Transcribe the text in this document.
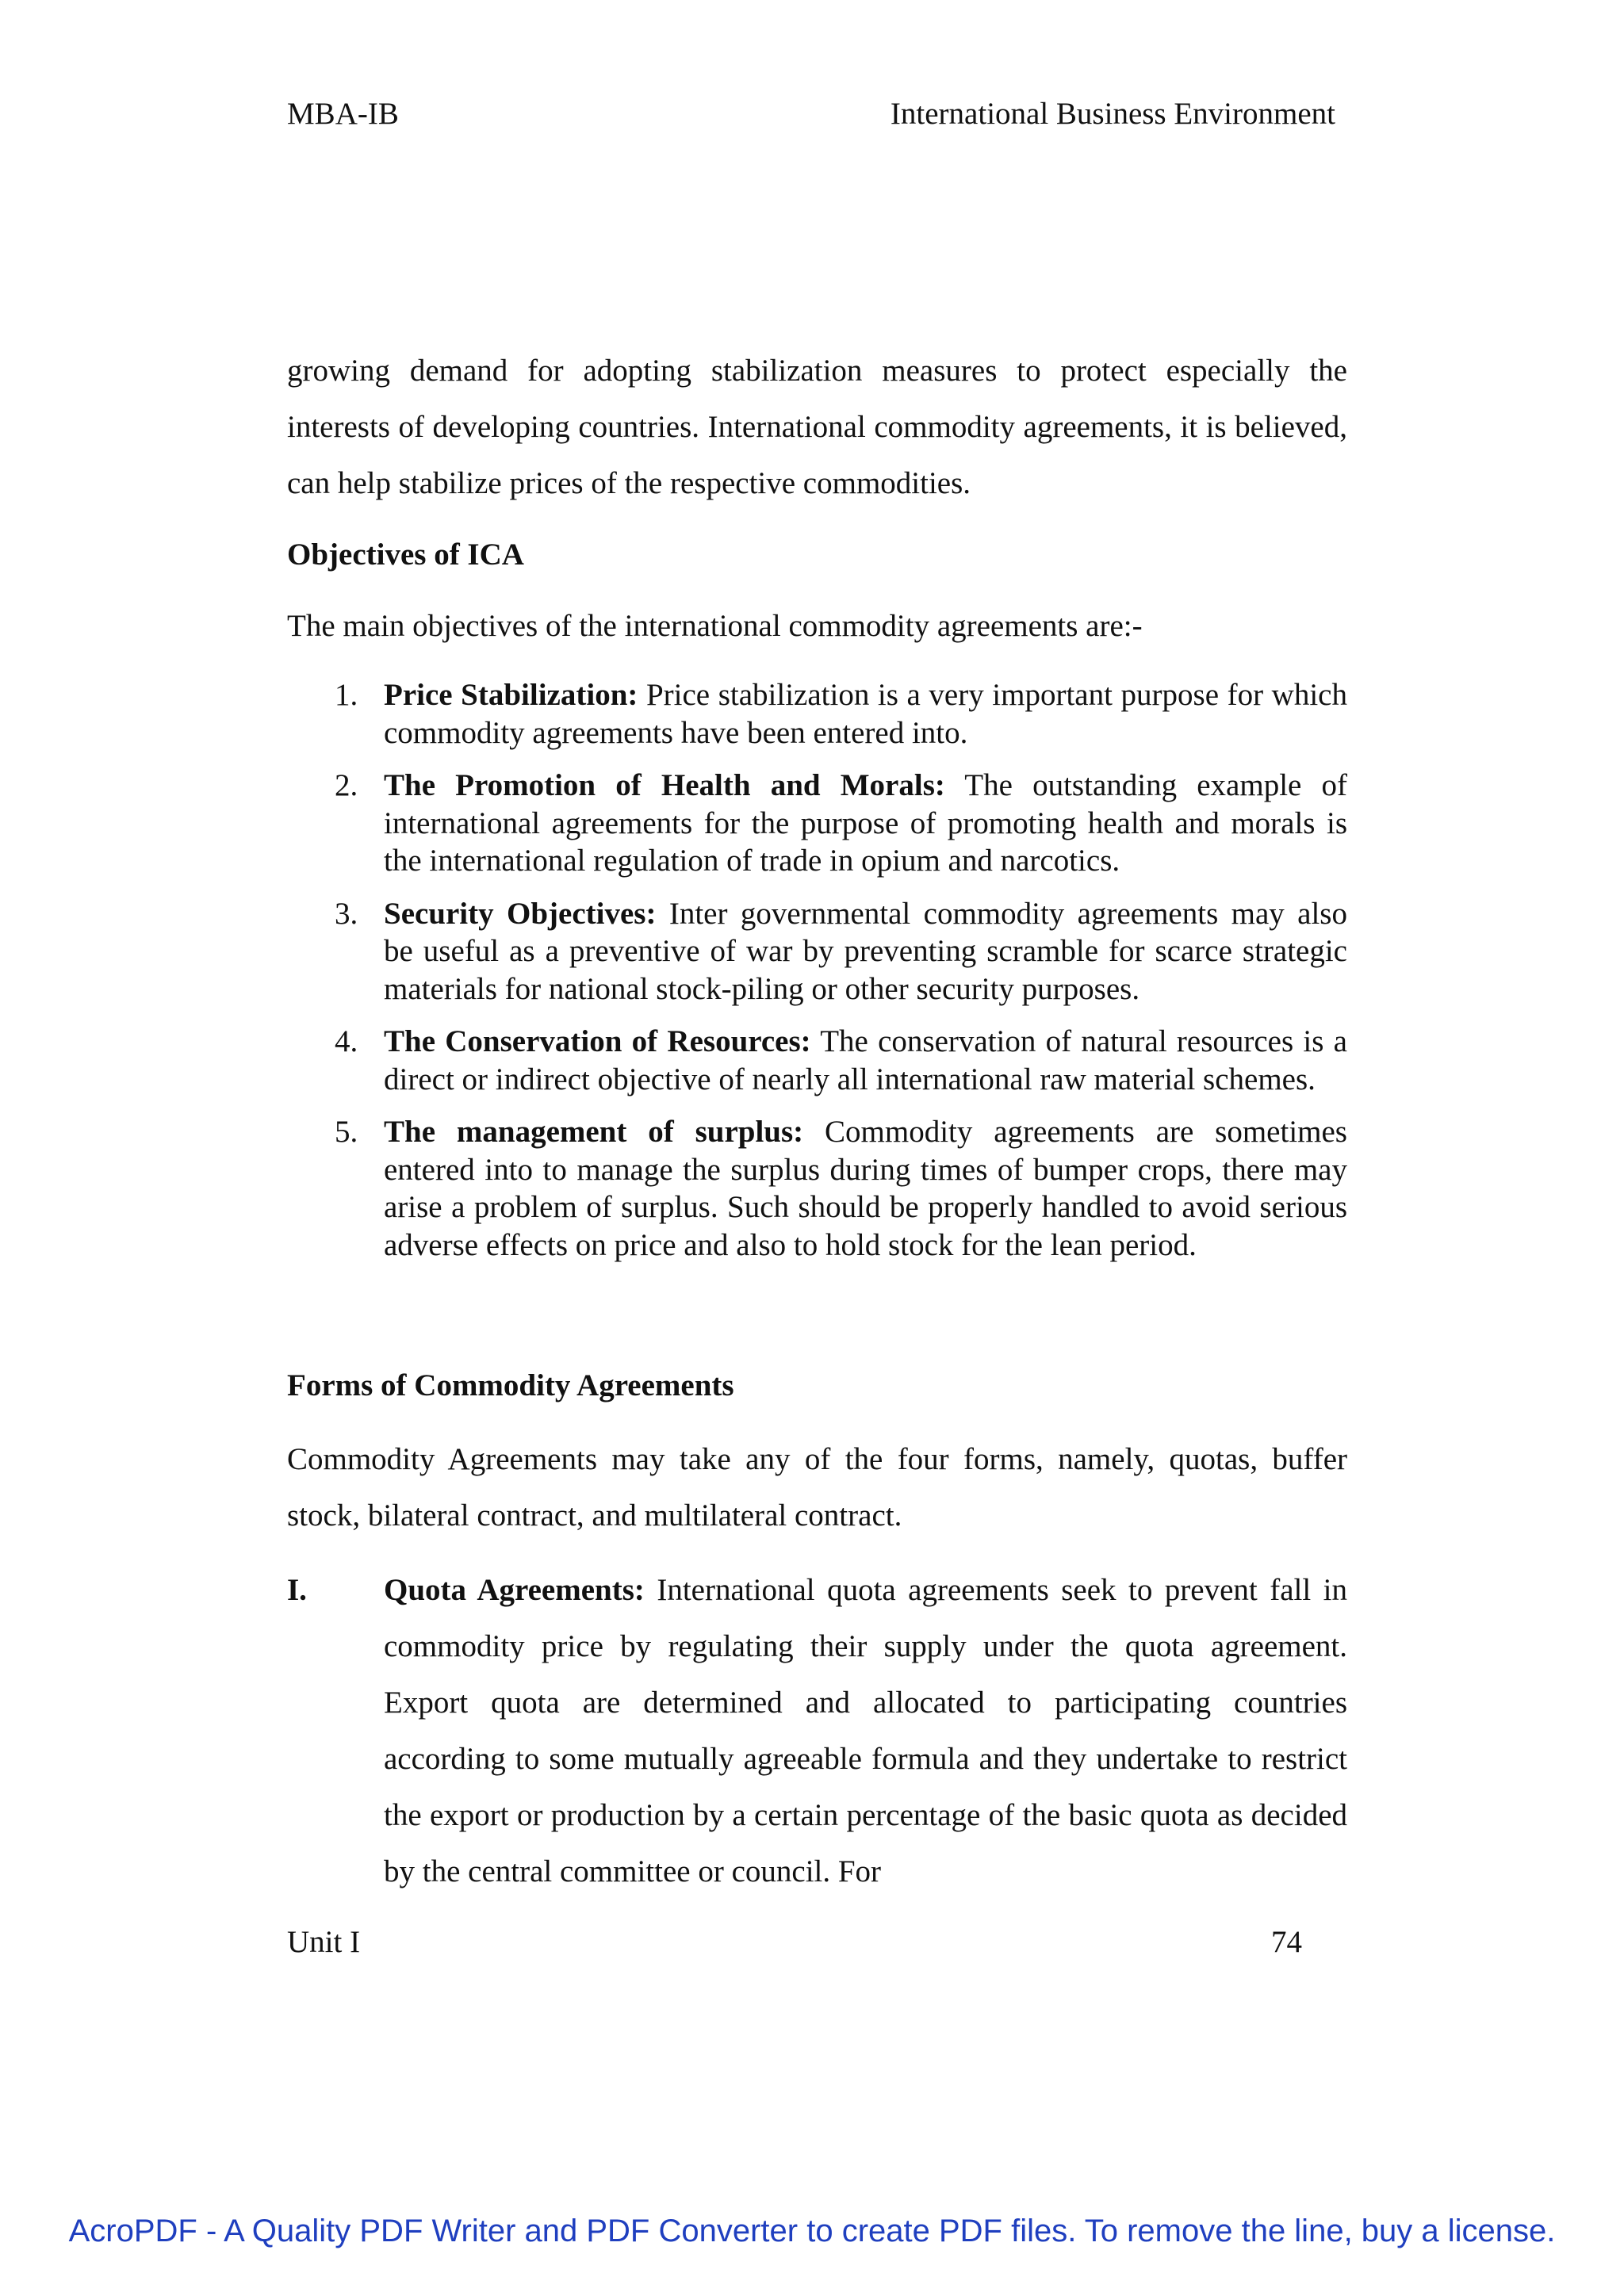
MBA-IB	International Business Environment
growing demand for adopting stabilization measures to protect especially the interests of developing countries. International commodity agreements, it is believed, can help stabilize prices of the respective commodities.
Objectives of ICA
The main objectives of the international commodity agreements are:-
1. Price Stabilization: Price stabilization is a very important purpose for which commodity agreements have been entered into.
2. The Promotion of Health and Morals: The outstanding example of international agreements for the purpose of promoting health and morals is the international regulation of trade in opium and narcotics.
3. Security Objectives: Inter governmental commodity agreements may also be useful as a preventive of war by preventing scramble for scarce strategic materials for national stock-piling or other security purposes.
4. The Conservation of Resources: The conservation of natural resources is a direct or indirect objective of nearly all international raw material schemes.
5. The management of surplus: Commodity agreements are sometimes entered into to manage the surplus during times of bumper crops, there may arise a problem of surplus. Such should be properly handled to avoid serious adverse effects on price and also to hold stock for the lean period.
Forms of Commodity Agreements
Commodity Agreements may take any of the four forms, namely, quotas, buffer stock, bilateral contract, and multilateral contract.
I.	Quota Agreements: International quota agreements seek to prevent fall in commodity price by regulating their supply under the quota agreement. Export quota are determined and allocated to participating countries according to some mutually agreeable formula and they undertake to restrict the export or production by a certain percentage of the basic quota as decided by the central committee or council. For
Unit I	74
AcroPDF - A Quality PDF Writer and PDF Converter to create PDF files. To remove the line, buy a license.
